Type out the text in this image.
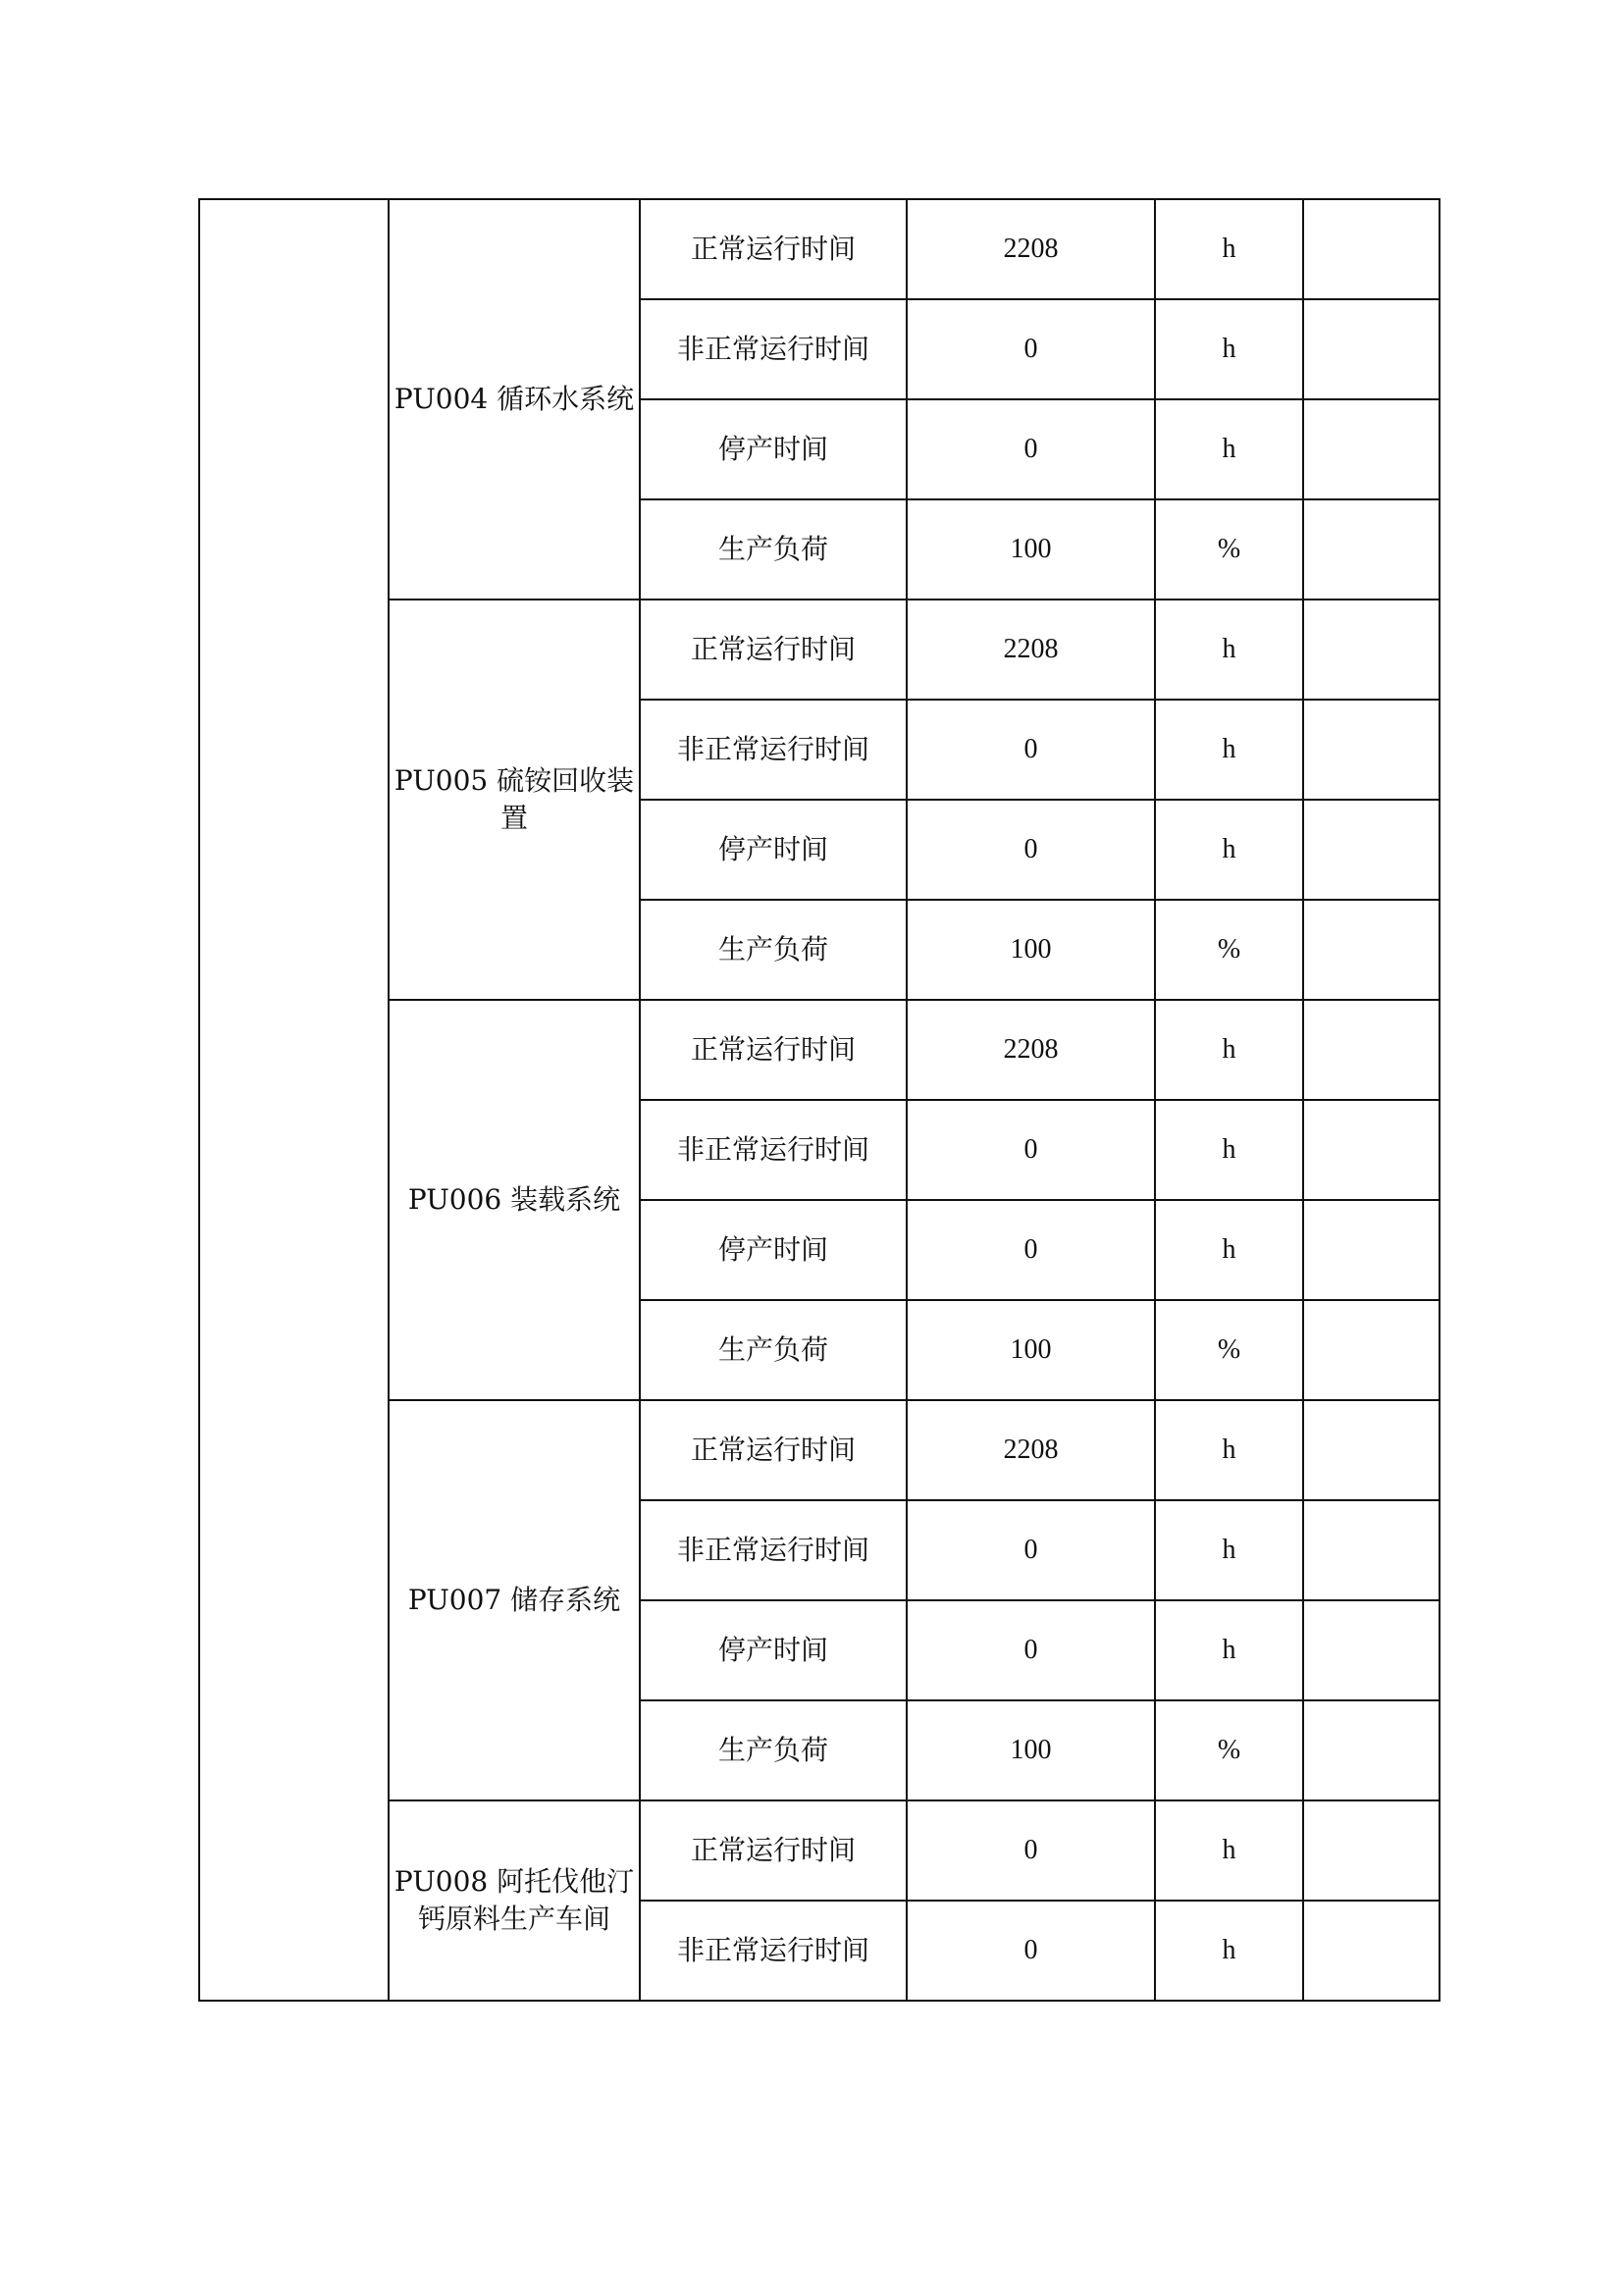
	PU004 循环水系统	正常运行时间	2208	h	
		非正常运行时间	0	h	
		停产时间	0	h	
		生产负荷	100	%	
	PU005 硫铵回收装置	正常运行时间	2208	h	
		非正常运行时间	0	h	
		停产时间	0	h	
		生产负荷	100	%	
	PU006 装载系统	正常运行时间	2208	h	
		非正常运行时间	0	h	
		停产时间	0	h	
		生产负荷	100	%	
	PU007 储存系统	正常运行时间	2208	h	
		非正常运行时间	0	h	
		停产时间	0	h	
		生产负荷	100	%	
	PU008 阿托伐他汀钙原料生产车间	正常运行时间	0	h	
		非正常运行时间	0	h	
